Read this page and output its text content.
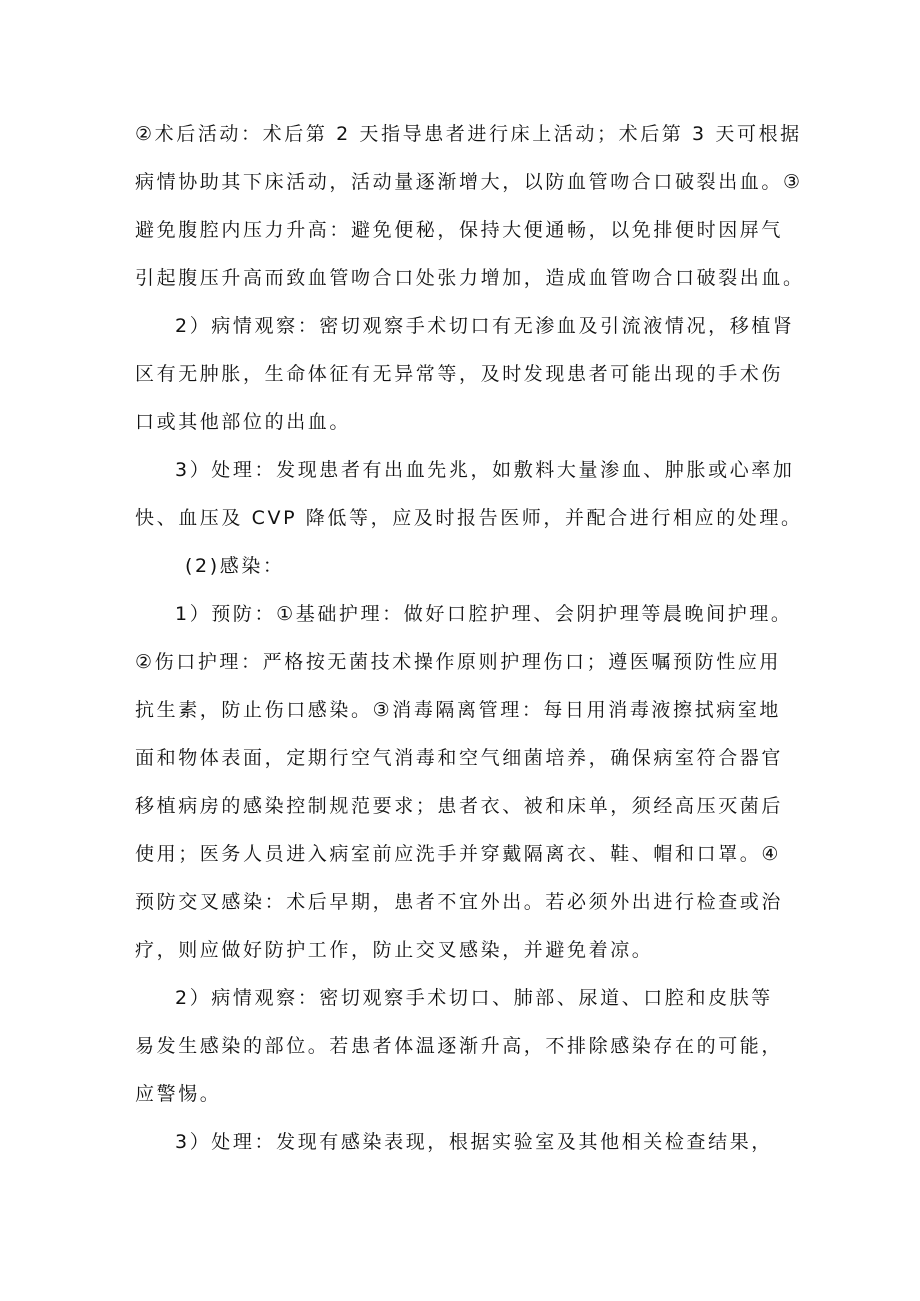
②术后活动：术后第 2 天指导患者进行床上活动；术后第 3 天可根据
病情协助其下床活动，活动量逐渐增大，以防血管吻合口破裂出血。③
避免腹腔内压力升高：避免便秘，保持大便通畅，以免排便时因屏气
引起腹压升高而致血管吻合口处张力增加，造成血管吻合口破裂出血。
2）病情观察：密切观察手术切口有无渗血及引流液情况，移植肾
区有无肿胀，生命体征有无异常等，及时发现患者可能出现的手术伤
口或其他部位的出血。
3）处理：发现患者有出血先兆，如敷料大量渗血、肿胀或心率加
快、血压及 CVP 降低等，应及时报告医师，并配合进行相应的处理。
(2)感染：
1）预防：①基础护理：做好口腔护理、会阴护理等晨晚间护理。
②伤口护理：严格按无菌技术操作原则护理伤口；遵医嘱预防性应用
抗生素，防止伤口感染。③消毒隔离管理：每日用消毒液擦拭病室地
面和物体表面，定期行空气消毒和空气细菌培养，确保病室符合器官
移植病房的感染控制规范要求；患者衣、被和床单，须经高压灭菌后
使用；医务人员进入病室前应洗手并穿戴隔离衣、鞋、帽和口罩。④
预防交叉感染：术后早期，患者不宜外出。若必须外出进行检查或治
疗，则应做好防护工作，防止交叉感染，并避免着凉。
2）病情观察：密切观察手术切口、肺部、尿道、口腔和皮肤等
易发生感染的部位。若患者体温逐渐升高，不排除感染存在的可能，
应警惕。
3）处理：发现有感染表现，根据实验室及其他相关检查结果，
